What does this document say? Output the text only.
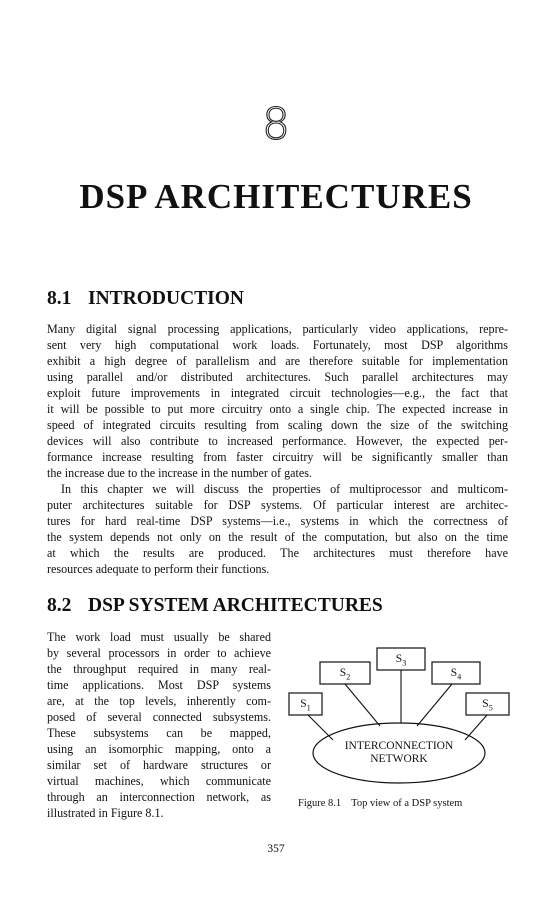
8
DSP ARCHITECTURES
8.1 INTRODUCTION
Many digital signal processing applications, particularly video applications, repre-
sent very high computational work loads. Fortunately, most DSP algorithms
exhibit a high degree of parallelism and are therefore suitable for implementation
using parallel and/or distributed architectures. Such parallel architectures may
exploit future improvements in integrated circuit technologies—e.g., the fact that
it will be possible to put more circuitry onto a single chip. The expected increase in
speed of integrated circuits resulting from scaling down the size of the switching
devices will also contribute to increased performance. However, the expected per-
formance increase resulting from faster circuitry will be significantly smaller than
the increase due to the increase in the number of gates.
In this chapter we will discuss the properties of multiprocessor and multicom-
puter architectures suitable for DSP systems. Of particular interest are architec-
tures for hard real-time DSP systems—i.e., systems in which the correctness of
the system depends not only on the result of the computation, but also on the time
at which the results are produced. The architectures must therefore have
resources adequate to perform their functions.
8.2 DSP SYSTEM ARCHITECTURES
The work load must usually be shared
by several processors in order to achieve
the throughput required in many real-
time applications. Most DSP systems
are, at the top levels, inherently com-
posed of several connected subsystems.
These subsystems can be mapped,
using an isomorphic mapping, onto a
similar set of hardware structures or
virtual machines, which communicate
through an interconnection network, as
illustrated in Figure 8.1.
$S_1$
$S_2$
$S_3$
$S_4$
$S_5$
INTERCONNECTION
NETWORK
Figure 8.1 Top view of a DSP system
357
